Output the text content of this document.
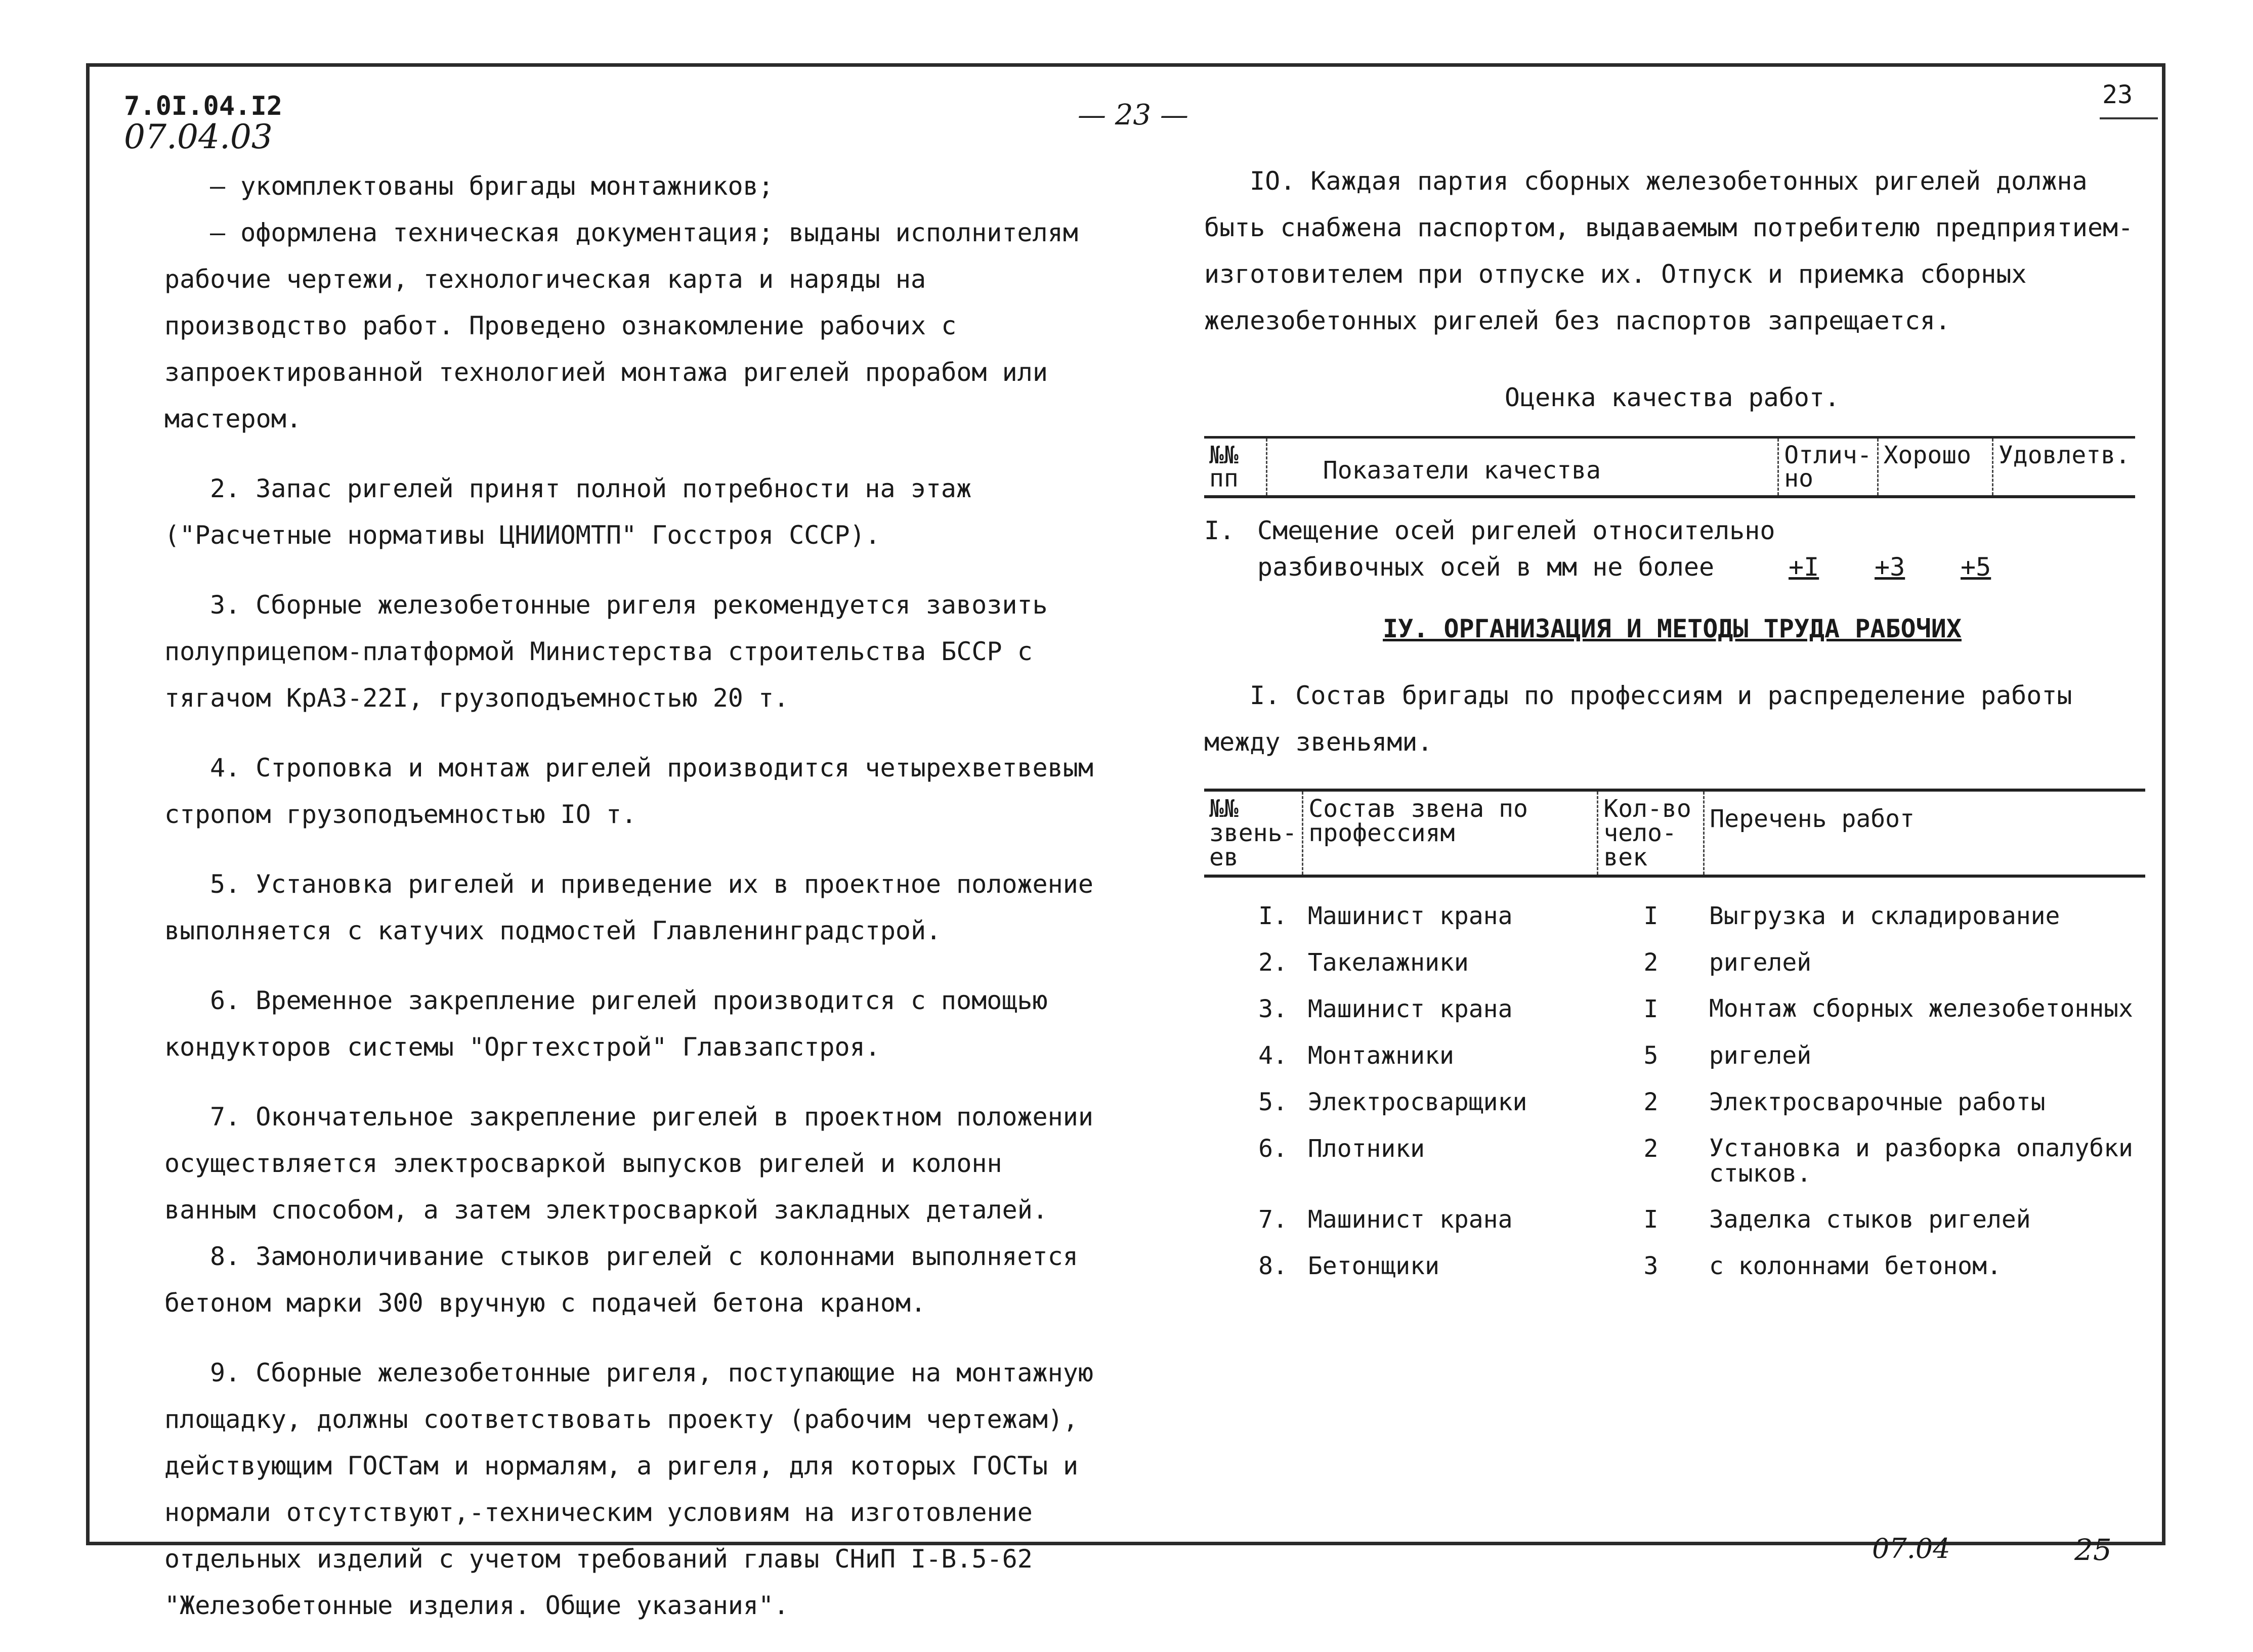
7.0I.04.I2
07.04.03
— 23 —
23

– укомплектованы бригады монтажников;

– оформлена техническая документация; выданы исполнителям рабочие чертежи, технологическая карта и наряды на производство работ. Проведено ознакомление рабочих с запроектированной технологией монтажа ригелей прорабом или мастером.

2. Запас ригелей принят полной потребности на этаж ("Расчетные нормативы ЦНИИОМТП" Госстроя СССР).

3. Сборные железобетонные ригеля рекомендуется завозить полуприцепом-платформой Министерства строительства БССР с тягачом КрАЗ-22I, грузоподъемностью 20 т.

4. Строповка и монтаж ригелей производится четырехветвевым стропом грузоподъемностью IO т.

5. Установка ригелей и приведение их в проектное положение выполняется с катучих подмостей Главленинградстрой.

6. Временное закрепление ригелей производится с помощью кондукторов системы "Оргтехстрой" Главзапстроя.

7. Окончательное закрепление ригелей в проектном положении осуществляется электросваркой выпусков ригелей и колонн ванным способом, а затем электросваркой закладных деталей.

8. Замоноличивание стыков ригелей с колоннами выполняется бетоном марки 300 вручную с подачей бетона краном.

9. Сборные железобетонные ригеля, поступающие на монтажную площадку, должны соответствовать проекту (рабочим чертежам), действующим ГОСТам и нормалям, а ригеля, для которых ГОСТы и нормали отсутствуют,-техническим условиям на изготовление отдельных изделий с учетом требований главы СНиП I-В.5-62 "Железобетонные изделия. Общие указания".

IO. Каждая партия сборных железобетонных ригелей должна быть снабжена паспортом, выдаваемым потребителю предприятием-изготовителем при отпуске их. Отпуск и приемка сборных железобетонных ригелей без паспортов запрещается.

Оценка качества работ.
№№ пп	Показатели качества	Отлич-но	Хорошо	Удовлетв.
I. Смещение осей ригелей относительно
разбивочных осей в мм не более	+I	+3	+5
IУ. ОРГАНИЗАЦИЯ И МЕТОДЫ ТРУДА РАБОЧИХ

I. Состав бригады по профессиям и распределение работы между звеньями.

№№ звень-ев	Состав звена по профессиям	Кол-во чело-век	Перечень работ
I.	Машинист крана	I	Выгрузка и складирование
2.	Такелажники	2	ригелей
3.	Машинист крана	I	Монтаж сборных железобетонных
4.	Монтажники	5	ригелей
5.	Электросварщики	2	Электросварочные работы
6.	Плотники	2	Установка и разборка опалубки стыков.
7.	Машинист крана	I	Заделка стыков ригелей
8.	Бетонщики	3	с колоннами бетоном.
07.04	25
